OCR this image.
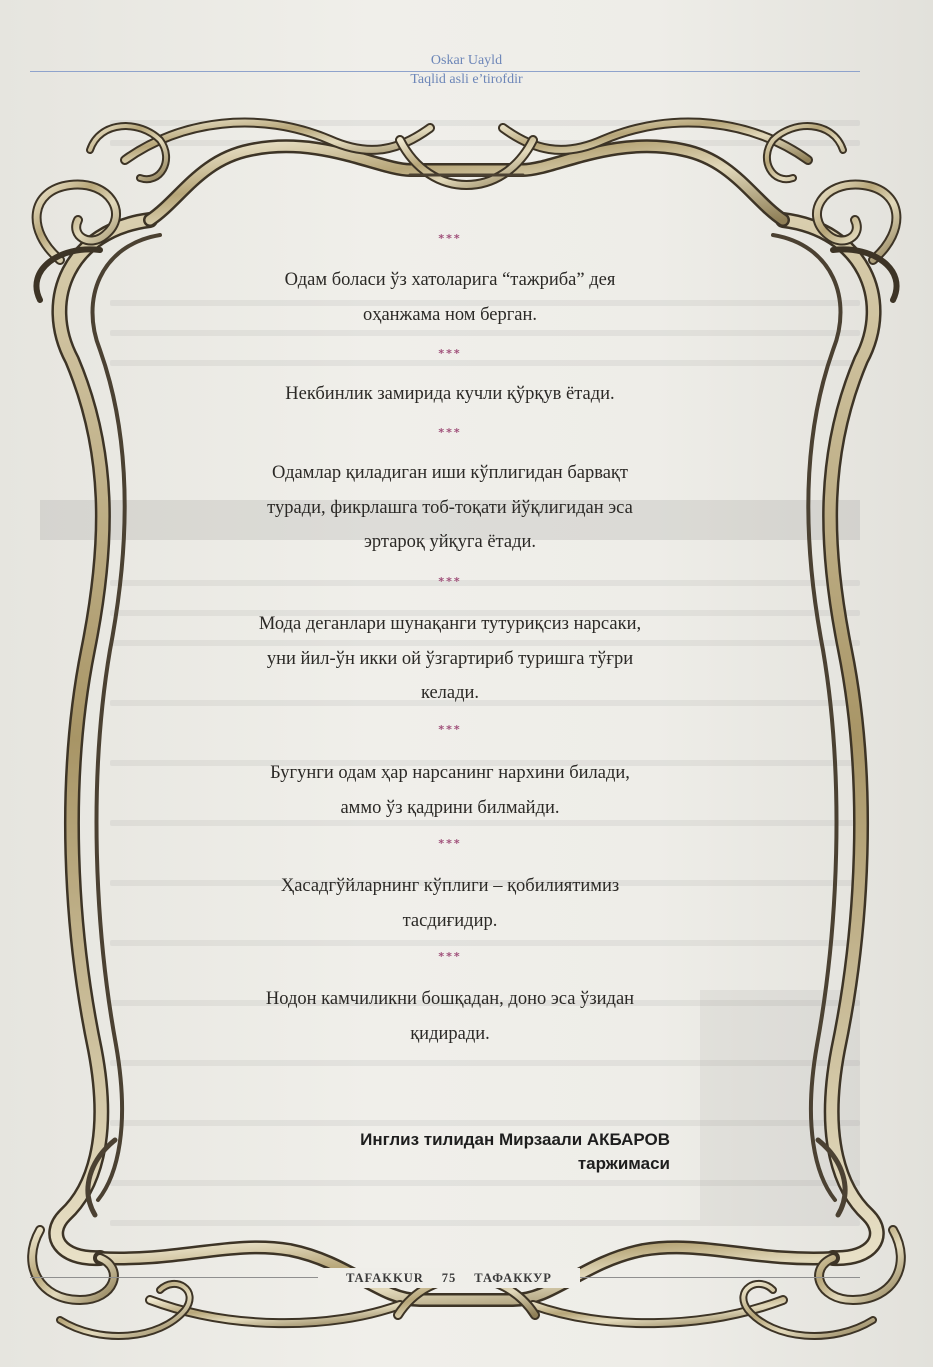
Oskar Uayld
Taqlid asli e’tirofdir
***
Одам боласи ўз хатоларига “тажриба” дея
оҳанжама ном берган.
***
Некбинлик замирида кучли қўрқув ётади.
***
Одамлар қиладиган иши кўплигидан барвақт
туради, фикрлашга тоб-тоқати йўқлигидан эса
эртароқ уйқуга ётади.
***
Мода деганлари шунақанги тутуриқсиз нарсаки,
уни йил-ўн икки ой ўзгартириб туришга тўғри
келади.
***
Бугунги одам ҳар нарсанинг нархини билади,
аммо ўз қадрини билмайди.
***
Ҳасадгўйларнинг кўплиги – қобилиятимиз
тасдиғидир.
***
Нодон камчиликни бошқадан, доно эса ўзидан
қидиради.
Инглиз тилидан Мирзаали АКБАРОВ
таржимаси
TAFAKKUR 75 ТАФАККУР
